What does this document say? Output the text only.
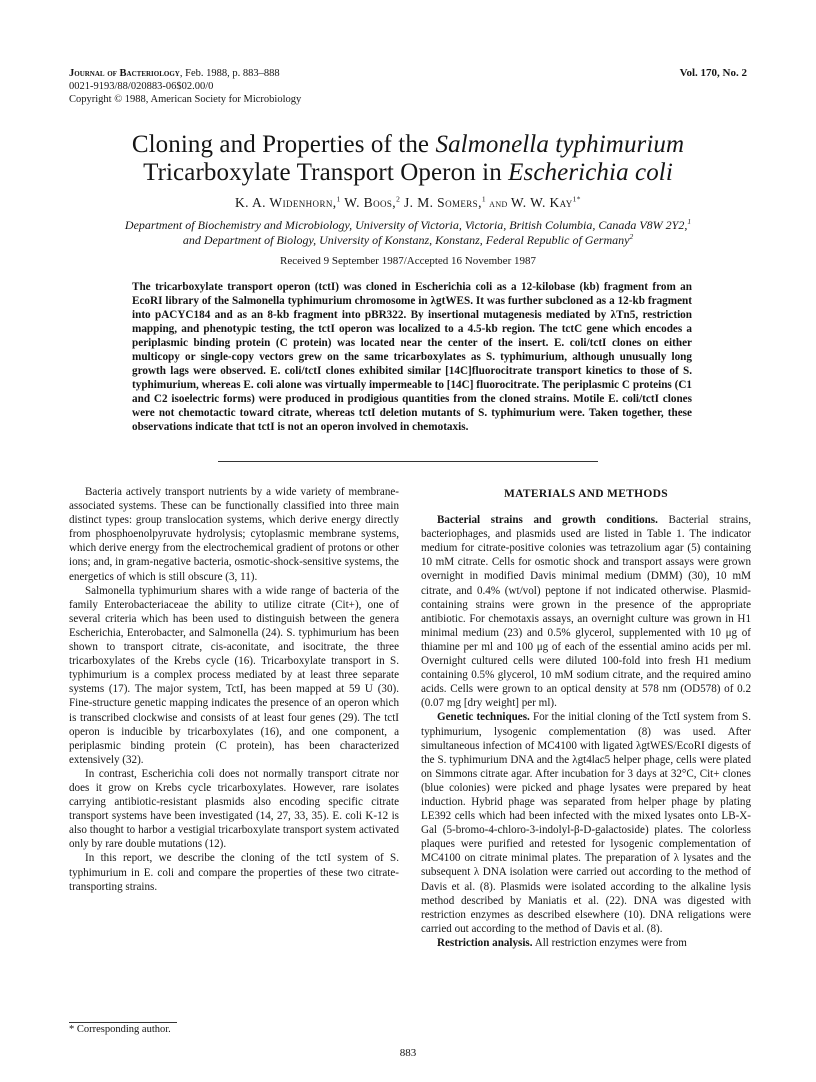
Journal of Bacteriology, Feb. 1988, p. 883–888
0021-9193/88/020883-06$02.00/0
Copyright © 1988, American Society for Microbiology
Vol. 170, No. 2
Cloning and Properties of the Salmonella typhimurium
Tricarboxylate Transport Operon in Escherichia coli
K. A. Widenhorn,$^1$ W. Boos,$^2$ J. M. Somers,$^1$ and W. W. Kay$^{1*}$
Department of Biochemistry and Microbiology, University of Victoria, Victoria, British Columbia, Canada V8W 2Y2,$^1$
and Department of Biology, University of Konstanz, Konstanz, Federal Republic of Germany$^2$
Received 9 September 1987/Accepted 16 November 1987
The tricarboxylate transport operon (tctI) was cloned in Escherichia coli as a 12-kilobase (kb) fragment from an EcoRI library of the Salmonella typhimurium chromosome in λgtWES. It was further subcloned as a 12-kb fragment into pACYC184 and as an 8-kb fragment into pBR322. By insertional mutagenesis mediated by λTn5, restriction mapping, and phenotypic testing, the tctI operon was localized to a 4.5-kb region. The tctC gene which encodes a periplasmic binding protein (C protein) was located near the center of the insert. E. coli/tctI clones on either multicopy or single-copy vectors grew on the same tricarboxylates as S. typhimurium, although unusually long growth lags were observed. E. coli/tctI clones exhibited similar [14C]fluorocitrate transport kinetics to those of S. typhimurium, whereas E. coli alone was virtually impermeable to [14C] fluorocitrate. The periplasmic C proteins (C1 and C2 isoelectric forms) were produced in prodigious quantities from the cloned strains. Motile E. coli/tctI clones were not chemotactic toward citrate, whereas tctI deletion mutants of S. typhimurium were. Taken together, these observations indicate that tctI is not an operon involved in chemotaxis.

Bacteria actively transport nutrients by a wide variety of membrane-associated systems. These can be functionally classified into three main distinct types: group translocation systems, which derive energy directly from phosphoenolpyruvate hydrolysis; cytoplasmic membrane systems, which derive energy from the electrochemical gradient of protons or other ions; and, in gram-negative bacteria, osmotic-shock-sensitive systems, the energetics of which is still obscure (3, 11).

Salmonella typhimurium shares with a wide range of bacteria of the family Enterobacteriaceae the ability to utilize citrate (Cit+), one of several criteria which has been used to distinguish between the genera Escherichia, Enterobacter, and Salmonella (24). S. typhimurium has been shown to transport citrate, cis-aconitate, and isocitrate, the three tricarboxylates of the Krebs cycle (16). Tricarboxylate transport in S. typhimurium is a complex process mediated by at least three separate systems (17). The major system, TctI, has been mapped at 59 U (30). Fine-structure genetic mapping indicates the presence of an operon which is transcribed clockwise and consists of at least four genes (29). The tctI operon is inducible by tricarboxylates (16), and one component, a periplasmic binding protein (C protein), has been characterized extensively (32).

In contrast, Escherichia coli does not normally transport citrate nor does it grow on Krebs cycle tricarboxylates. However, rare isolates carrying antibiotic-resistant plasmids also encoding specific citrate transport systems have been investigated (14, 27, 33, 35). E. coli K-12 is also thought to harbor a vestigial tricarboxylate transport system activated only by rare double mutations (12).

In this report, we describe the cloning of the tctI system of S. typhimurium in E. coli and compare the properties of these two citrate-transporting strains.

MATERIALS AND METHODS

Bacterial strains and growth conditions. Bacterial strains, bacteriophages, and plasmids used are listed in Table 1. The indicator medium for citrate-positive colonies was tetrazolium agar (5) containing 10 mM citrate. Cells for osmotic shock and transport assays were grown overnight in modified Davis minimal medium (DMM) (30), 10 mM citrate, and 0.4% (wt/vol) peptone if not indicated otherwise. Plasmid-containing strains were grown in the presence of the appropriate antibiotic. For chemotaxis assays, an overnight culture was grown in H1 minimal medium (23) and 0.5% glycerol, supplemented with 10 μg of thiamine per ml and 100 μg of each of the essential amino acids per ml. Overnight cultured cells were diluted 100-fold into fresh H1 medium containing 0.5% glycerol, 10 mM sodium citrate, and the required amino acids. Cells were grown to an optical density at 578 nm (OD578) of 0.2 (0.07 mg [dry weight] per ml).

Genetic techniques. For the initial cloning of the TctI system from S. typhimurium, lysogenic complementation (8) was used. After simultaneous infection of MC4100 with ligated λgtWES/EcoRI digests of the S. typhimurium DNA and the λgt4lac5 helper phage, cells were plated on Simmons citrate agar. After incubation for 3 days at 32°C, Cit+ clones (blue colonies) were picked and phage lysates were prepared by heat induction. Hybrid phage was separated from helper phage by plating LE392 cells which had been infected with the mixed lysates onto LB-X-Gal (5-bromo-4-chloro-3-indolyl-β-D-galactoside) plates. The colorless plaques were purified and retested for lysogenic complementation of MC4100 on citrate minimal plates. The preparation of λ lysates and the subsequent λ DNA isolation were carried out according to the method of Davis et al. (8). Plasmids were isolated according to the alkaline lysis method described by Maniatis et al. (22). DNA was digested with restriction enzymes as described elsewhere (10). DNA religations were carried out according to the method of Davis et al. (8).

Restriction analysis. All restriction enzymes were from

* Corresponding author.
883
